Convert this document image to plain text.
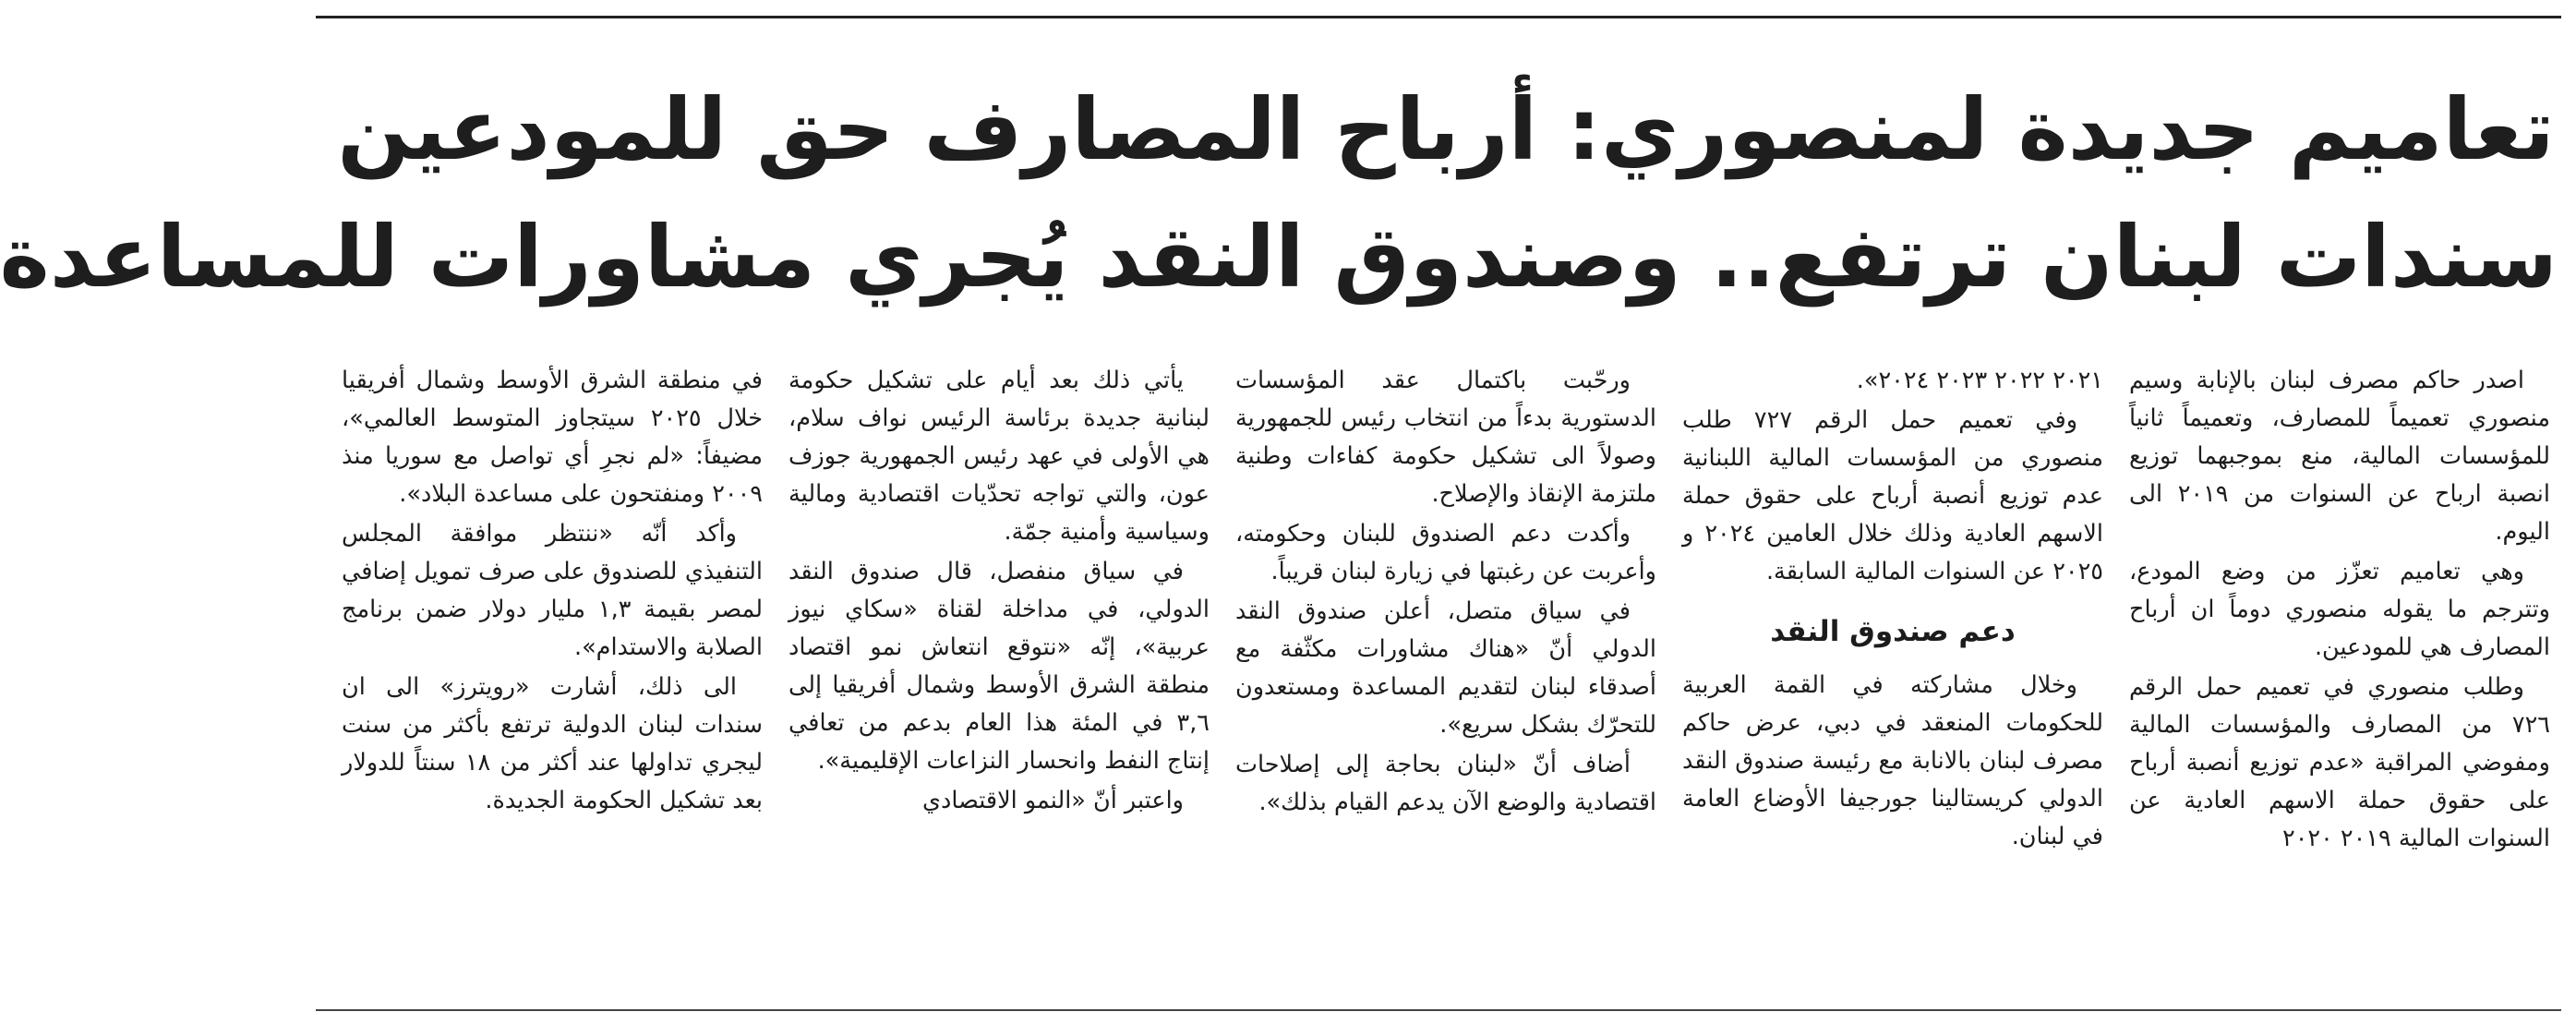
تعاميم جديدة لمنصوري: أرباح المصارف حق للمودعين
سندات لبنان ترتفع.. وصندوق النقد يُجري مشاورات للمساعدة

اصدر حاكم مصرف لبنان بالإنابة وسيم منصوري تعميماً للمصارف، وتعميماً ثانياً للمؤسسات المالية، منع بموجبهما توزيع انصبة ارباح عن السنوات من ٢٠١٩ الى اليوم.

وهي تعاميم تعزّز من وضع المودع، وتترجم ما يقوله منصوري دوماً ان أرباح المصارف هي للمودعين.

وطلب منصوري في تعميم حمل الرقم ٧٢٦ من المصارف والمؤسسات المالية ومفوضي المراقبة «عدم توزيع أنصبة أرباح على حقوق حملة الاسهم العادية عن السنوات المالية ٢٠١٩ ٢٠٢٠

٢٠٢١ ٢٠٢٢ ٢٠٢٣ ٢٠٢٤».

وفي تعميم حمل الرقم ٧٢٧ طلب منصوري من المؤسسات المالية اللبنانية عدم توزيع أنصبة أرباح على حقوق حملة الاسهم العادية وذلك خلال العامين ٢٠٢٤ و ٢٠٢٥ عن السنوات المالية السابقة.

دعم صندوق النقد

وخلال مشاركته في القمة العربية للحكومات المنعقد في دبي، عرض حاكم مصرف لبنان بالانابة مع رئيسة صندوق النقد الدولي كريستالينا جورجيفا الأوضاع العامة في لبنان.

ورحّبت باكتمال عقد المؤسسات الدستورية بدءاً من انتخاب رئيس للجمهورية وصولاً الى تشكيل حكومة كفاءات وطنية ملتزمة الإنقاذ والإصلاح.

وأكدت دعم الصندوق للبنان وحكومته، وأعربت عن رغبتها في زيارة لبنان قريباً.

في سياق متصل، أعلن صندوق النقد الدولي أنّ «هناك مشاورات مكثّفة مع أصدقاء لبنان لتقديم المساعدة ومستعدون للتحرّك بشكل سريع».

أضاف أنّ «لبنان بحاجة إلى إصلاحات اقتصادية والوضع الآن يدعم القيام بذلك».

يأتي ذلك بعد أيام على تشكيل حكومة لبنانية جديدة برئاسة الرئيس نواف سلام، هي الأولى في عهد رئيس الجمهورية جوزف عون، والتي تواجه تحدّيات اقتصادية ومالية وسياسية وأمنية جمّة.

في سياق منفصل، قال صندوق النقد الدولي، في مداخلة لقناة «سكاي نيوز عربية»، إنّه «نتوقع انتعاش نمو اقتصاد منطقة الشرق الأوسط وشمال أفريقيا إلى ٣,٦ في المئة هذا العام بدعم من تعافي إنتاج النفط وانحسار النزاعات الإقليمية».

واعتبر أنّ «النمو الاقتصادي

في منطقة الشرق الأوسط وشمال أفريقيا خلال ٢٠٢٥ سيتجاوز المتوسط العالمي»، مضيفاً: «لم نجرِ أي تواصل مع سوريا منذ ٢٠٠٩ ومنفتحون على مساعدة البلاد».

وأكد أنّه «ننتظر موافقة المجلس التنفيذي للصندوق على صرف تمويل إضافي لمصر بقيمة ١,٣ مليار دولار ضمن برنامج الصلابة والاستدام».

الى ذلك، أشارت «رويترز» الى ان سندات لبنان الدولية ترتفع بأكثر من سنت ليجري تداولها عند أكثر من ١٨ سنتاً للدولار بعد تشكيل الحكومة الجديدة.
